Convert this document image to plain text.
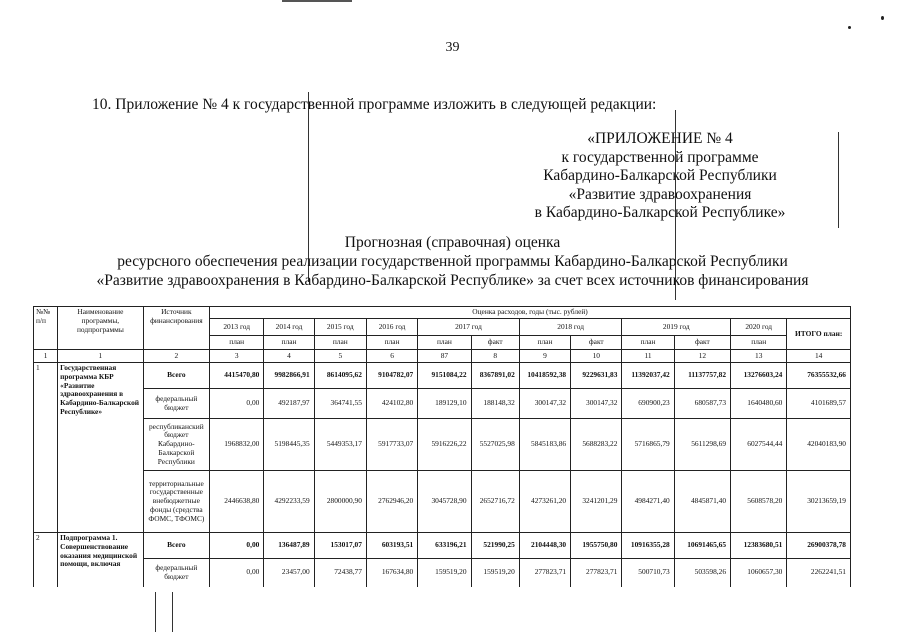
39
10. Приложение № 4 к государственной программе изложить в следующей редакции:
«ПРИЛОЖЕНИЕ № 4
к государственной программе
Кабардино-Балкарской Республики
«Развитие здравоохранения
в Кабардино-Балкарской Республике»
Прогнозная (справочная) оценка
ресурсного обеспечения реализации государственной программы Кабардино-Балкарской Республики
«Развитие здравоохранения в Кабардино-Балкарской Республике» за счет всех источников финансирования
№№ п/п	Наименование программы, подпрограммы	Источник финансирования	Оценка расходов, годы (тыс. рублей)											
			2013 год	2014 год	2015 год	2016 год	2017 год		2018 год		2019 год		2020 год	ИТОГО план:
			план	план	план	план	план	факт	план	факт	план	факт	план	
1	1	2	3	4	5	6	87	8	9	10	11	12	13	14
1	Государственная программа КБР «Развитие здравоохранения в Кабардино-Балкарской Республике»	Всего	4415470,80	9982866,91	8614095,62	9104782,07	9151084,22	8367891,02	10418592,38	9229631,83	11392037,42	11137757,82	13276603,24	76355532,66
		федеральный бюджет	0,00	492187,97	364741,55	424102,80	189129,10	188148,32	300147,32	300147,32	690900,23	680587,73	1640480,60	4101689,57
		республиканский бюджет Кабардино-Балкарской Республики	1968832,00	5198445,35	5449353,17	5917733,07	5916226,22	5527025,98	5845183,86	5688283,22	5716865,79	5611298,69	6027544,44	42040183,90
		территориальные государственные внебюджетные фонды (средства ФОМС, ТФОМС)	2446638,80	4292233,59	2800000,90	2762946,20	3045728,90	2652716,72	4273261,20	3241201,29	4984271,40	4845871,40	5608578,20	30213659,19
2	Подпрограмма 1. Совершенствование оказания медицинской помощи, включая	Всего	0,00	136487,89	153017,07	603193,51	633196,21	521990,25	2104448,30	1955750,80	10916355,28	10691465,65	12383680,51	26900378,78
		федеральный бюджет	0,00	23457,00	72438,77	167634,80	159519,20	159519,20	277823,71	277823,71	500710,73	503598,26	1060657,30	2262241,51
